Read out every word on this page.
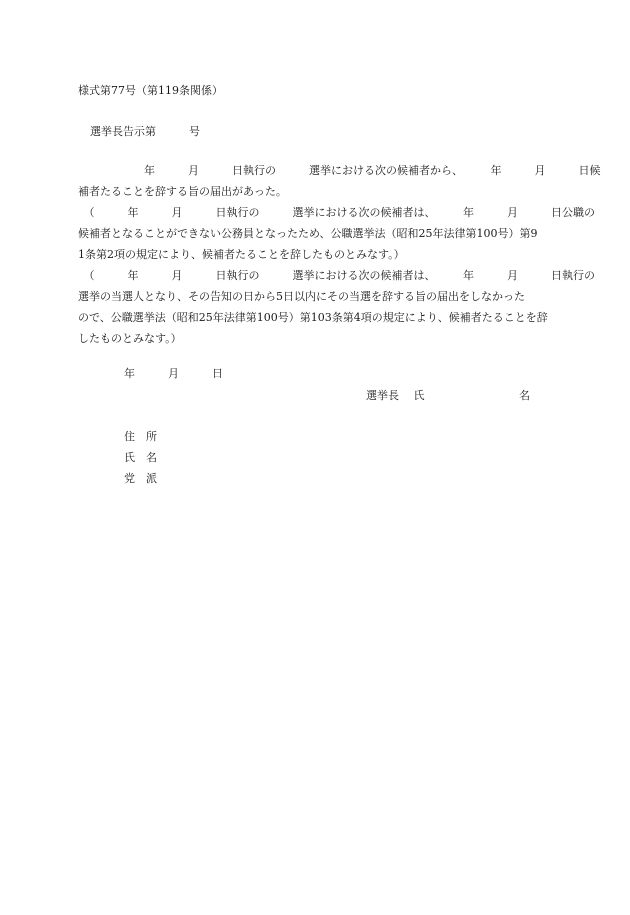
様式第77号（第119条関係）
選挙長告示第　　　号
　　　　　　年　　　月　　　日執行の　　　選挙における次の候補者から、　　　年　　　月　　　日候
補者たることを辞する旨の届出があった。
　（　　　年　　　月　　　日執行の　　　選挙における次の候補者は、　　　年　　　月　　　日公職の
候補者となることができない公務員となったため、公職選挙法（昭和25年法律第100号）第9
1条第2項の規定により、候補者たることを辞したものとみなす。）
　（　　　年　　　月　　　日執行の　　　選挙における次の候補者は、　　　年　　　月　　　日執行の
選挙の当選人となり、その告知の日から5日以内にその当選を辞する旨の届出をしなかった
ので、公職選挙法（昭和25年法律第100号）第103条第4項の規定により、候補者たることを辞
したものとみなす。）
年　　　月　　　日
選挙長　 氏	名
住　所
氏　名
党　派
